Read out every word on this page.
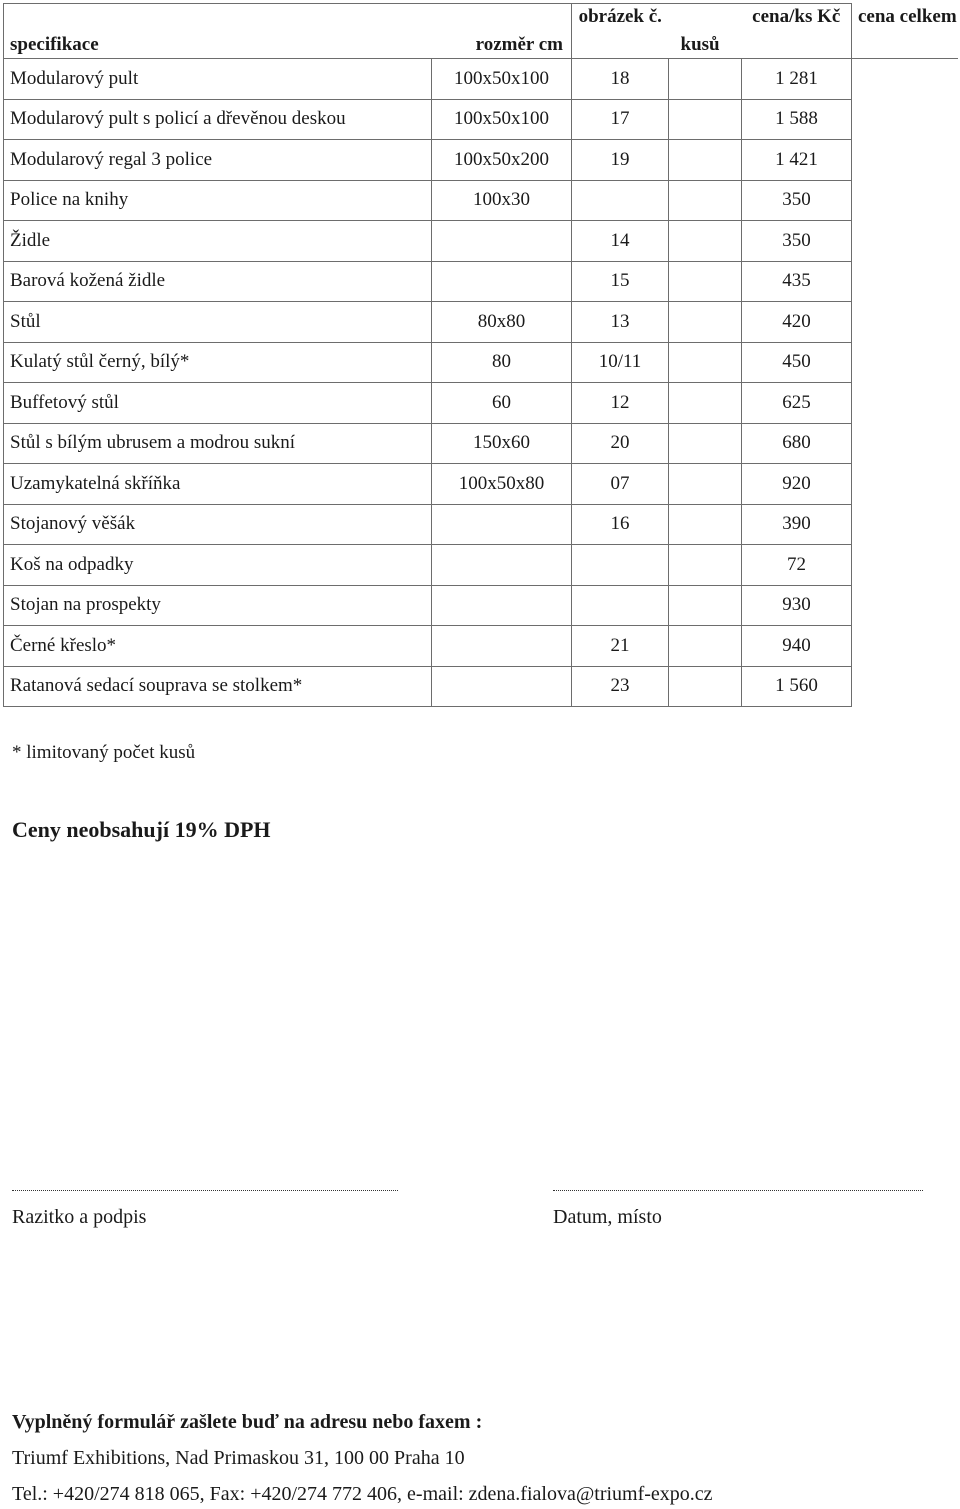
specifikace	rozměr cm	obrázek č.	kusů	cena/ks Kč	cena celkem
Modularový pult	100x50x100	18		1 281	
Modularový pult s policí a dřevěnou deskou	100x50x100	17		1 588	
Modularový regal 3 police	100x50x200	19		1 421	
Police na knihy	100x30			350	
Židle		14		350	
Barová kožená židle		15		435	
Stůl	80x80	13		420	
Kulatý stůl černý, bílý*	80	10/11		450	
Buffetový stůl	60	12		625	
Stůl s bílým ubrusem a modrou sukní	150x60	20		680	
Uzamykatelná skříňka	100x50x80	07		920	
Stojanový věšák		16		390	
Koš na odpadky				72	
Stojan na prospekty				930	
Černé křeslo*		21		940	
Ratanová sedací souprava se stolkem*		23		1 560	
* limitovaný počet kusů
Ceny neobsahují 19% DPH
Razitko a podpis	Datum, místo
Vyplněný formulář zašlete buď na adresu nebo faxem :
Triumf Exhibitions, Nad Primaskou 31, 100 00 Praha 10
Tel.: +420/274 818 065, Fax: +420/274 772 406, e-mail: zdena.fialova@triumf-expo.cz
